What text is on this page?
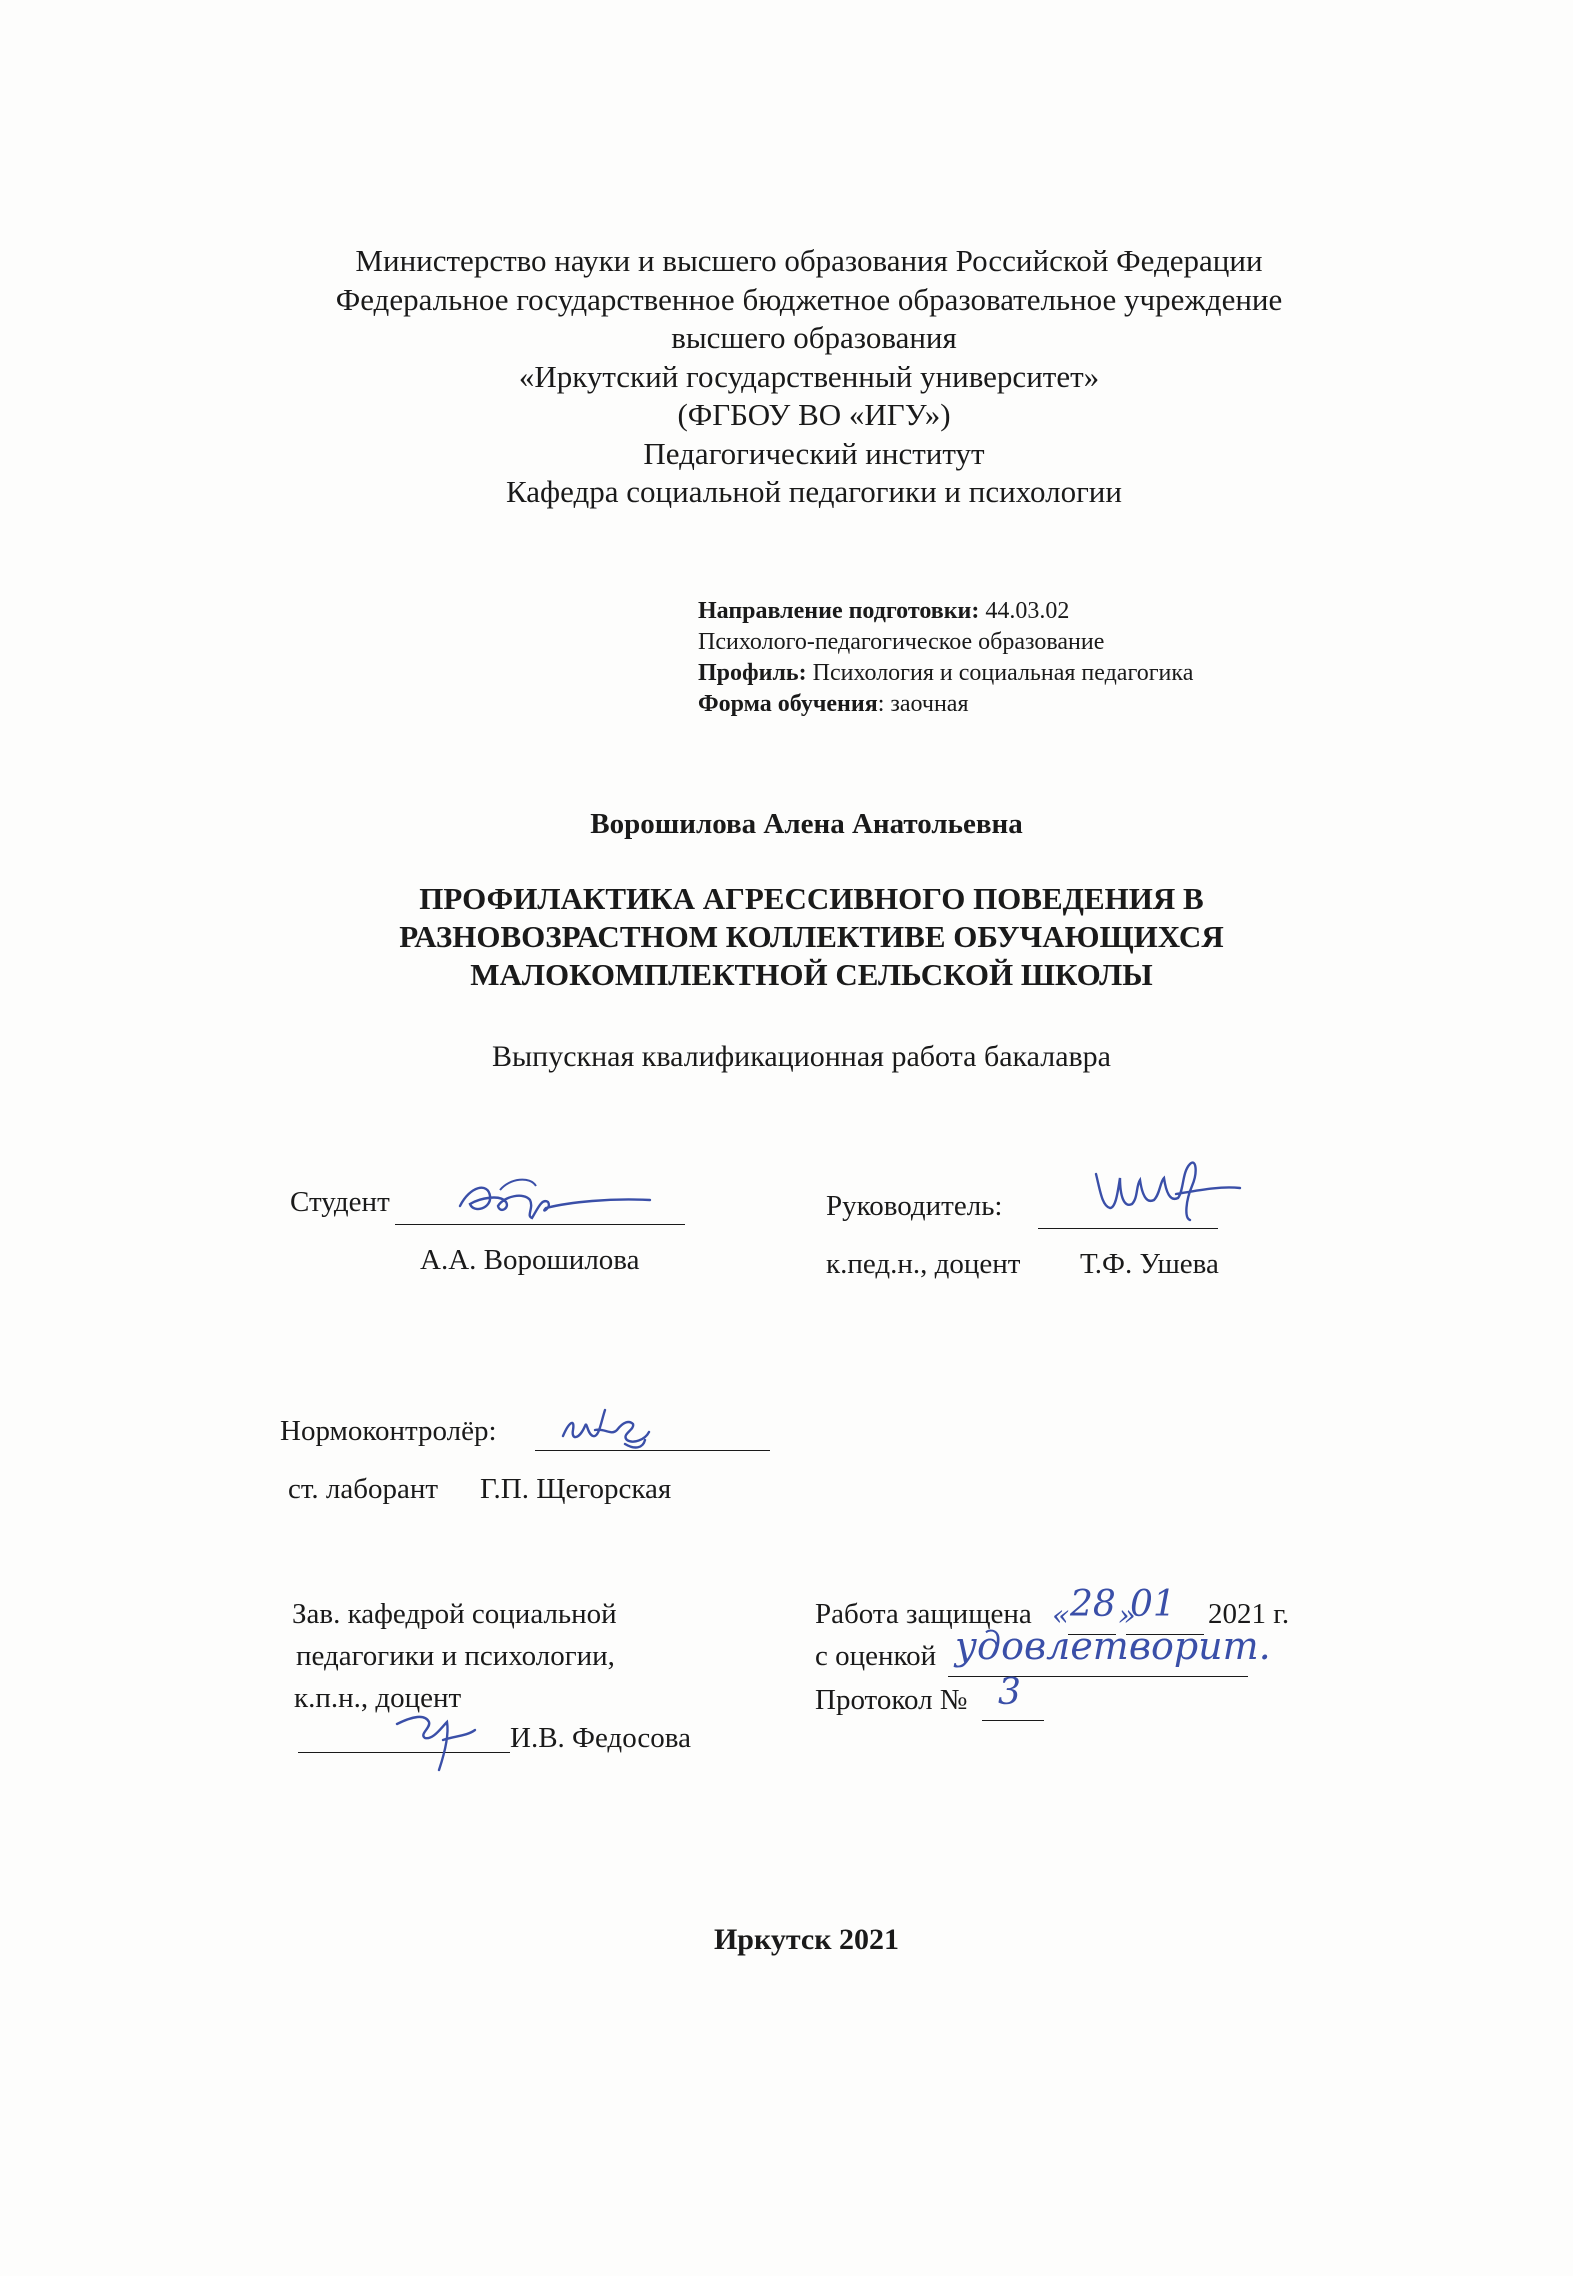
Министерство науки и высшего образования Российской Федерации
Федеральное государственное бюджетное образовательное учреждение
высшего образования
«Иркутский государственный университет»
(ФГБОУ ВО «ИГУ»)
Педагогический институт
Кафедра социальной педагогики и психологии
Направление подготовки: 44.03.02
Психолого-педагогическое образование
Профиль: Психология и социальная педагогика
Форма обучения: заочная
Ворошилова Алена Анатольевна
ПРОФИЛАКТИКА АГРЕССИВНОГО ПОВЕДЕНИЯ В
РАЗНОВОЗРАСТНОМ КОЛЛЕКТИВЕ ОБУЧАЮЩИХСЯ
МАЛОКОМПЛЕКТНОЙ СЕЛЬСКОЙ ШКОЛЫ
Выпускная квалификационная работа бакалавра
Студент
А.А. Ворошилова
Руководитель:
к.пед.н., доцент Т.Ф. Ушева
Нормоконтролёр:
ст. лаборант Г.П. Щегорская
Зав. кафедрой социальной
педагогики и психологии,
к.п.н., доцент
И.В. Федосова
Работа защищена « 28 »
01 2021 г.
с оценкой удовлетворит.
Протокол № 3
Иркутск 2021
